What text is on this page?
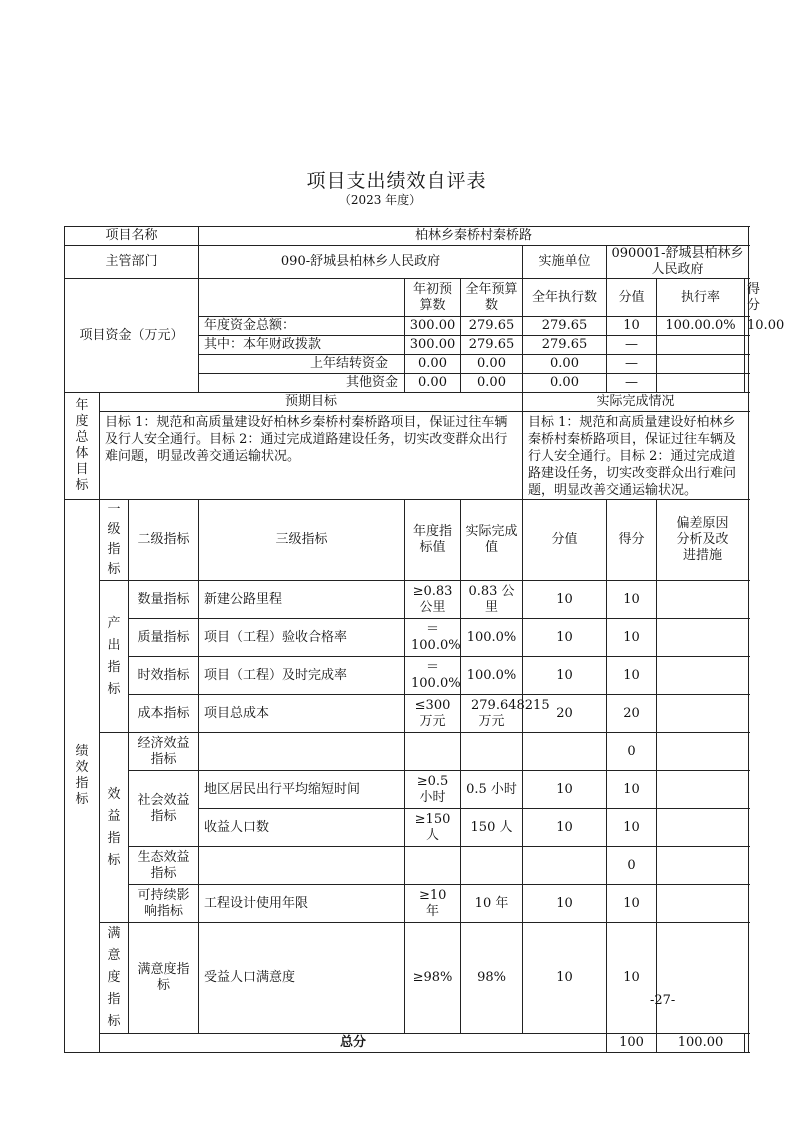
项目支出绩效自评表
（2023 年度）
项目名称			柏林乡秦桥村秦桥路						
主管部门			090-舒城县柏林乡人民政府			实施单位	090001-舒城县柏林乡人民政府		
项目资金（万元）				年初预算数	全年预算数	全年执行数	分值	执行率	得分
			年度资金总额：	300.00	279.65	279.65	10	100.00.0%	10.00
			其中：本年财政拨款	300.00	279.65	279.65	—		
			上年结转资金	0.00	0.00	0.00	—		
			其他资金	0.00	0.00	0.00	—		
年度总体目标	预期目标					实际完成情况			
	目标 1：规范和高质量建设好柏林乡秦桥村秦桥路项目，保证过往车辆及行人安全通行。目标 2：通过完成道路建设任务，切实改变群众出行难问题，明显改善交通运输状况。					目标 1：规范和高质量建设好柏林乡秦桥村秦桥路项目，保证过往车辆及行人安全通行。目标 2：通过完成道路建设任务，切实改变群众出行难问题，明显改善交通运输状况。			
绩效指标	一级指标	二级指标	三级指标	年度指标值	实际完成值	分值	得分	偏差原因分析及改进措施	
	产出指标	数量指标	新建公路里程	≥0.83 公里	0.83 公里	10	10		
		质量指标	项目（工程）验收合格率	＝100.0%	100.0%	10	10		
		时效指标	项目（工程）及时完成率	＝100.0%	100.0%	10	10		
		成本指标	项目总成本	≤300 万元	279.648215 万元	20	20		
	效益指标	经济效益指标					0		
		社会效益指标	地区居民出行平均缩短时间	≥0.5 小时	0.5 小时	10	10		
			收益人口数	≥150 人	150 人	10	10		
		生态效益指标					0		
		可持续影响指标	工程设计使用年限	≥10 年	10 年	10	10		
	满意度指标	满意度指标	受益人口满意度	≥98%	98%	10	10		
	总分						100	100.00	
-27-
